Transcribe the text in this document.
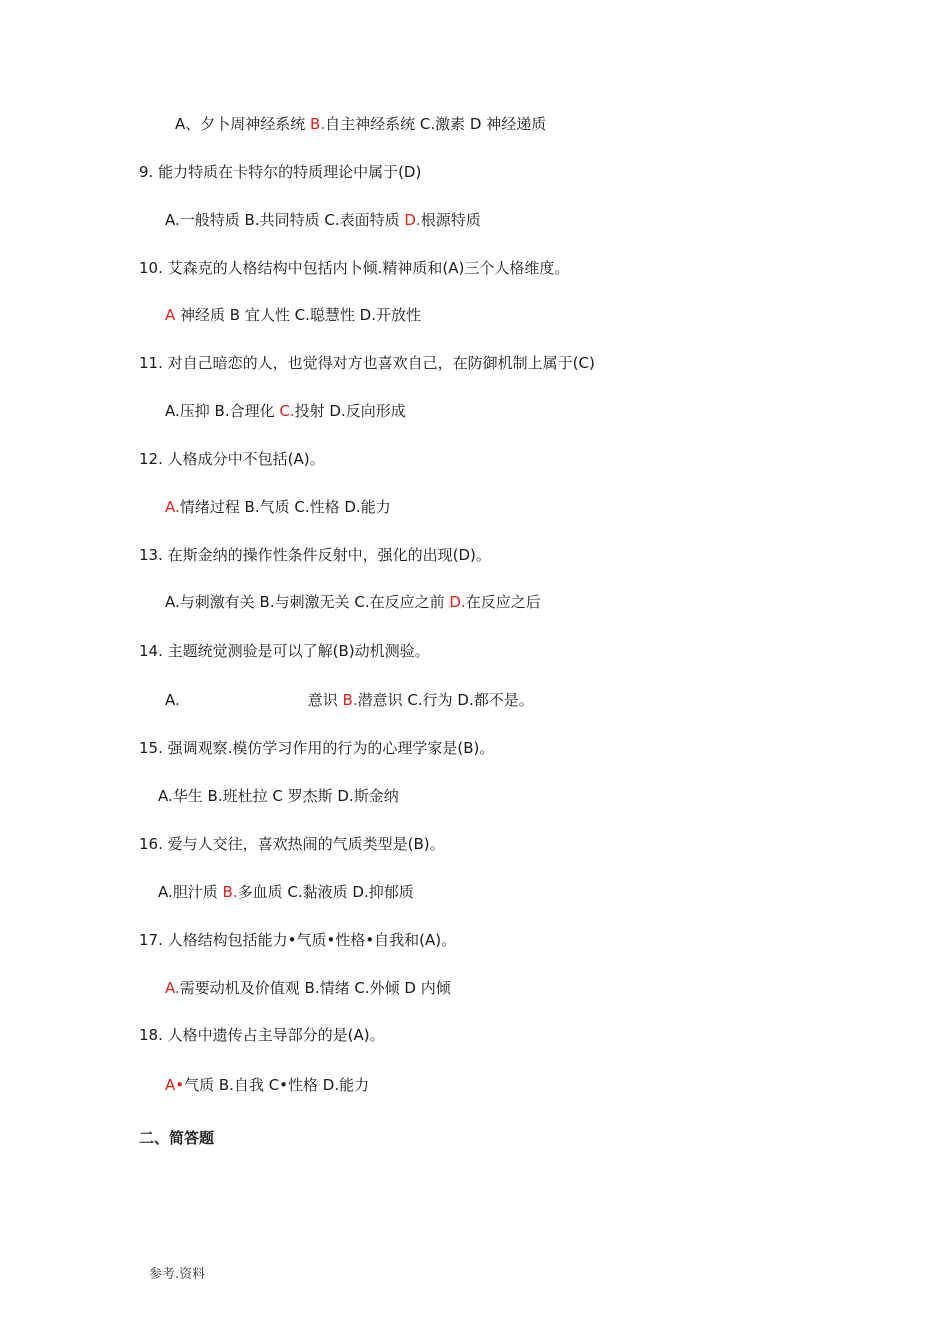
A、夕卜周神经系统 B.自主神经系统 C.激素 D 神经递质
9. 能力特质在卡特尔的特质理论中属于(D)
A.一般特质 B.共同特质 C.表面特质 D.根源特质
10. 艾森克的人格结构中包括内卜倾.精神质和(A)三个人格维度。
A 神经质 B 宜人性 C.聪慧性 D.开放性
11. 对自己暗恋的人，也觉得对方也喜欢自己，在防御机制上属于(C)
A.压抑 B.合理化 C.投射 D.反向形成
12. 人格成分中不包括(A)。
A.情绪过程 B.气质 C.性格 D.能力
13. 在斯金纳的操作性条件反射中，强化的出现(D)。
A.与刺激有关 B.与刺激无关 C.在反应之前 D.在反应之后
14. 主题统觉测验是可以了解(B)动机测验。
A.	意识 B.潜意识 C.行为 D.都不是。
15. 强调观察.模仿学习作用的行为的心理学家是(B)。
A.华生 B.班杜拉 C 罗杰斯 D.斯金纳
16. 爱与人交往，喜欢热闹的气质类型是(B)。
A.胆汁质 B.多血质 C.黏液质 D.抑郁质
17. 人格结构包括能力•气质•性格•自我和(A)。
A.需要动机及价值观 B.情绪 C.外倾 D 内倾
18. 人格中遗传占主导部分的是(A)。
A•气质 B.自我 C•性格 D.能力
二、简答题
参考.资料
